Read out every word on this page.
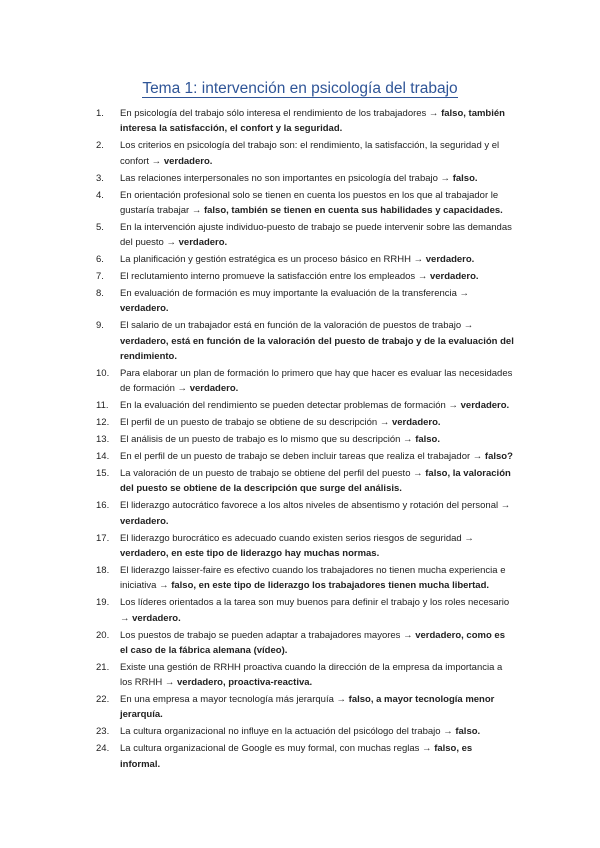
Tema 1: intervención en psicología del trabajo
1.	En psicología del trabajo sólo interesa el rendimiento de los trabajadores → falso, también interesa la satisfacción, el confort y la seguridad.
2.	Los criterios en psicología del trabajo son: el rendimiento, la satisfacción, la seguridad y el confort → verdadero.
3.	Las relaciones interpersonales no son importantes en psicología del trabajo → falso.
4.	En orientación profesional solo se tienen en cuenta los puestos en los que al trabajador le gustaría trabajar → falso, también se tienen en cuenta sus habilidades y capacidades.
5.	En la intervención ajuste individuo-puesto de trabajo se puede intervenir sobre las demandas del puesto → verdadero.
6.	La planificación y gestión estratégica es un proceso básico en RRHH → verdadero.
7.	El reclutamiento interno promueve la satisfacción entre los empleados → verdadero.
8.	En evaluación de formación es muy importante la evaluación de la transferencia → verdadero.
9.	El salario de un trabajador está en función de la valoración de puestos de trabajo → verdadero, está en función de la valoración del puesto de trabajo y de la evaluación del rendimiento.
10.	Para elaborar un plan de formación lo primero que hay que hacer es evaluar las necesidades de formación → verdadero.
11.	En la evaluación del rendimiento se pueden detectar problemas de formación → verdadero.
12.	El perfil de un puesto de trabajo se obtiene de su descripción → verdadero.
13.	El análisis de un puesto de trabajo es lo mismo que su descripción → falso.
14.	En el perfil de un puesto de trabajo se deben incluir tareas que realiza el trabajador → falso?
15.	La valoración de un puesto de trabajo se obtiene del perfil del puesto → falso, la valoración del puesto se obtiene de la descripción que surge del análisis.
16.	El liderazgo autocrático favorece a los altos niveles de absentismo y rotación del personal → verdadero.
17.	El liderazgo burocrático es adecuado cuando existen serios riesgos de seguridad → verdadero, en este tipo de liderazgo hay muchas normas.
18.	El liderazgo laisser-faire es efectivo cuando los trabajadores no tienen mucha experiencia e iniciativa → falso, en este tipo de liderazgo los trabajadores tienen mucha libertad.
19.	Los líderes orientados a la tarea son muy buenos para definir el trabajo y los roles necesario → verdadero.
20.	Los puestos de trabajo se pueden adaptar a trabajadores mayores → verdadero, como es el caso de la fábrica alemana (vídeo).
21.	Existe una gestión de RRHH proactiva cuando la dirección de la empresa da importancia a los RRHH → verdadero, proactiva-reactiva.
22.	En una empresa a mayor tecnología más jerarquía → falso, a mayor tecnología menor jerarquía.
23.	La cultura organizacional no influye en la actuación del psicólogo del trabajo → falso.
24.	La cultura organizacional de Google es muy formal, con muchas reglas → falso, es informal.
